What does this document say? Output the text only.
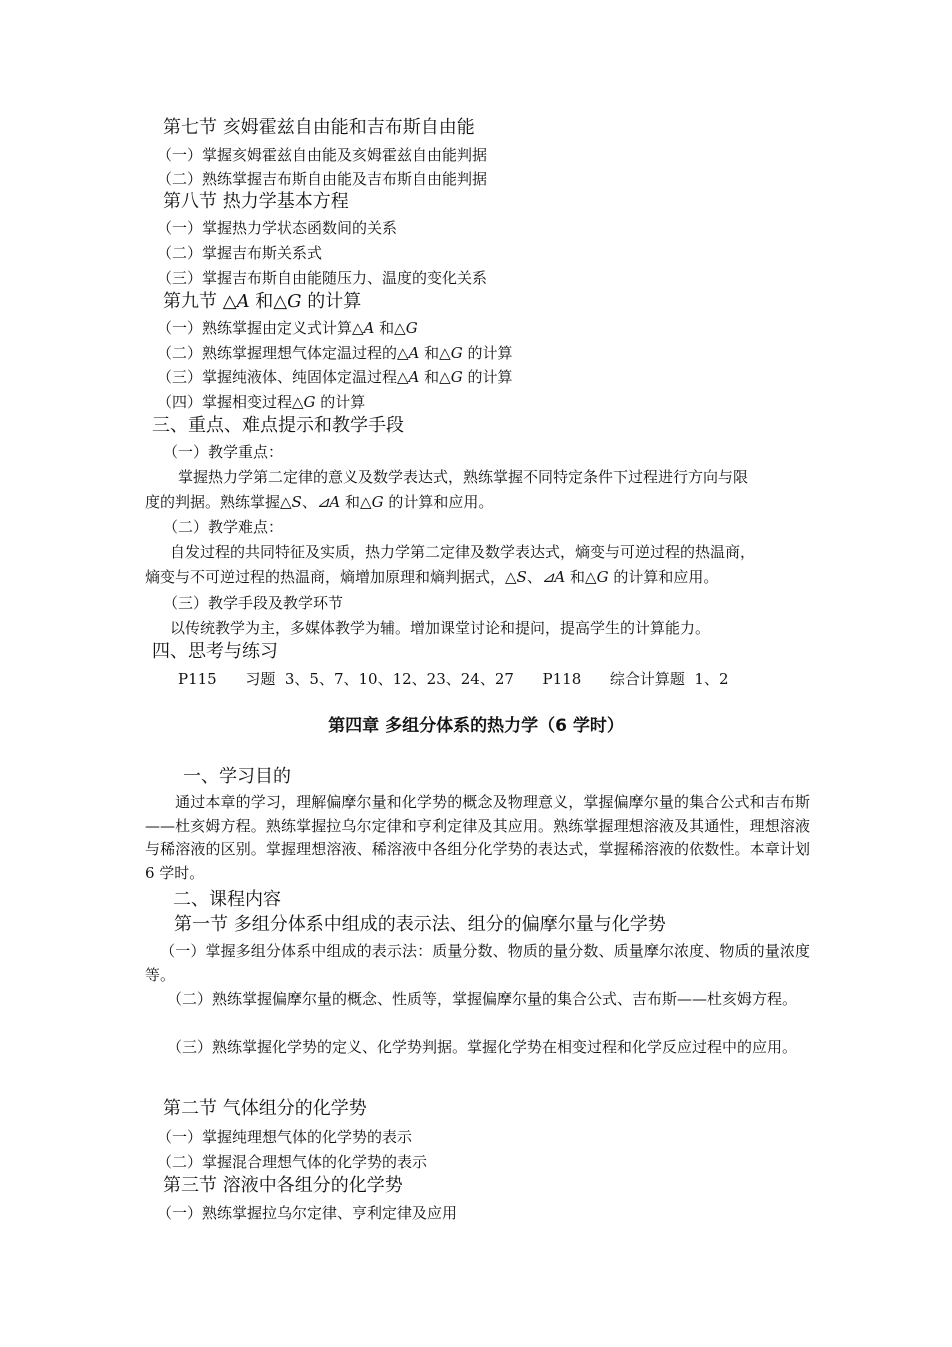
第七节 亥姆霍兹自由能和吉布斯自由能
（一）掌握亥姆霍兹自由能及亥姆霍兹自由能判据
（二）熟练掌握吉布斯自由能及吉布斯自由能判据
第八节 热力学基本方程
（一）掌握热力学状态函数间的关系
（二）掌握吉布斯关系式
（三）掌握吉布斯自由能随压力、温度的变化关系
第九节 △A 和△G 的计算
（一）熟练掌握由定义式计算△A 和△G
（二）熟练掌握理想气体定温过程的△A 和△G 的计算
（三）掌握纯液体、纯固体定温过程△A 和△G 的计算
（四）掌握相变过程△G 的计算
三、重点、难点提示和教学手段
（一）教学重点：
掌握热力学第二定律的意义及数学表达式，熟练掌握不同特定条件下过程进行方向与限
度的判据。熟练掌握△S、⊿A 和△G 的计算和应用。
（二）教学难点：
自发过程的共同特征及实质，热力学第二定律及数学表达式，熵变与可逆过程的热温商，
熵变与不可逆过程的热温商，熵增加原理和熵判据式，△S、⊿A 和△G 的计算和应用。
（三）教学手段及教学环节
以传统教学为主，多媒体教学为辅。增加课堂讨论和提问，提高学生的计算能力。
四、思考与练习
P115      习题  3、5、7、10、12、23、24、27      P118      综合计算题  1、2
第四章 多组分体系的热力学（6 学时）
一、学习目的
通过本章的学习，理解偏摩尔量和化学势的概念及物理意义，掌握偏摩尔量的集合公式和吉布斯——杜亥姆方程。熟练掌握拉乌尔定律和亨利定律及其应用。熟练掌握理想溶液及其通性，理想溶液与稀溶液的区别。掌握理想溶液、稀溶液中各组分化学势的表达式，掌握稀溶液的依数性。本章计划 6 学时。
二、课程内容
第一节 多组分体系中组成的表示法、组分的偏摩尔量与化学势
（一）掌握多组分体系中组成的表示法：质量分数、物质的量分数、质量摩尔浓度、物质的量浓度等。
（二）熟练掌握偏摩尔量的概念、性质等，掌握偏摩尔量的集合公式、吉布斯——杜亥姆方程。
（三）熟练掌握化学势的定义、化学势判据。掌握化学势在相变过程和化学反应过程中的应用。
第二节 气体组分的化学势
（一）掌握纯理想气体的化学势的表示
（二）掌握混合理想气体的化学势的表示
第三节 溶液中各组分的化学势
（一）熟练掌握拉乌尔定律、亨利定律及应用
